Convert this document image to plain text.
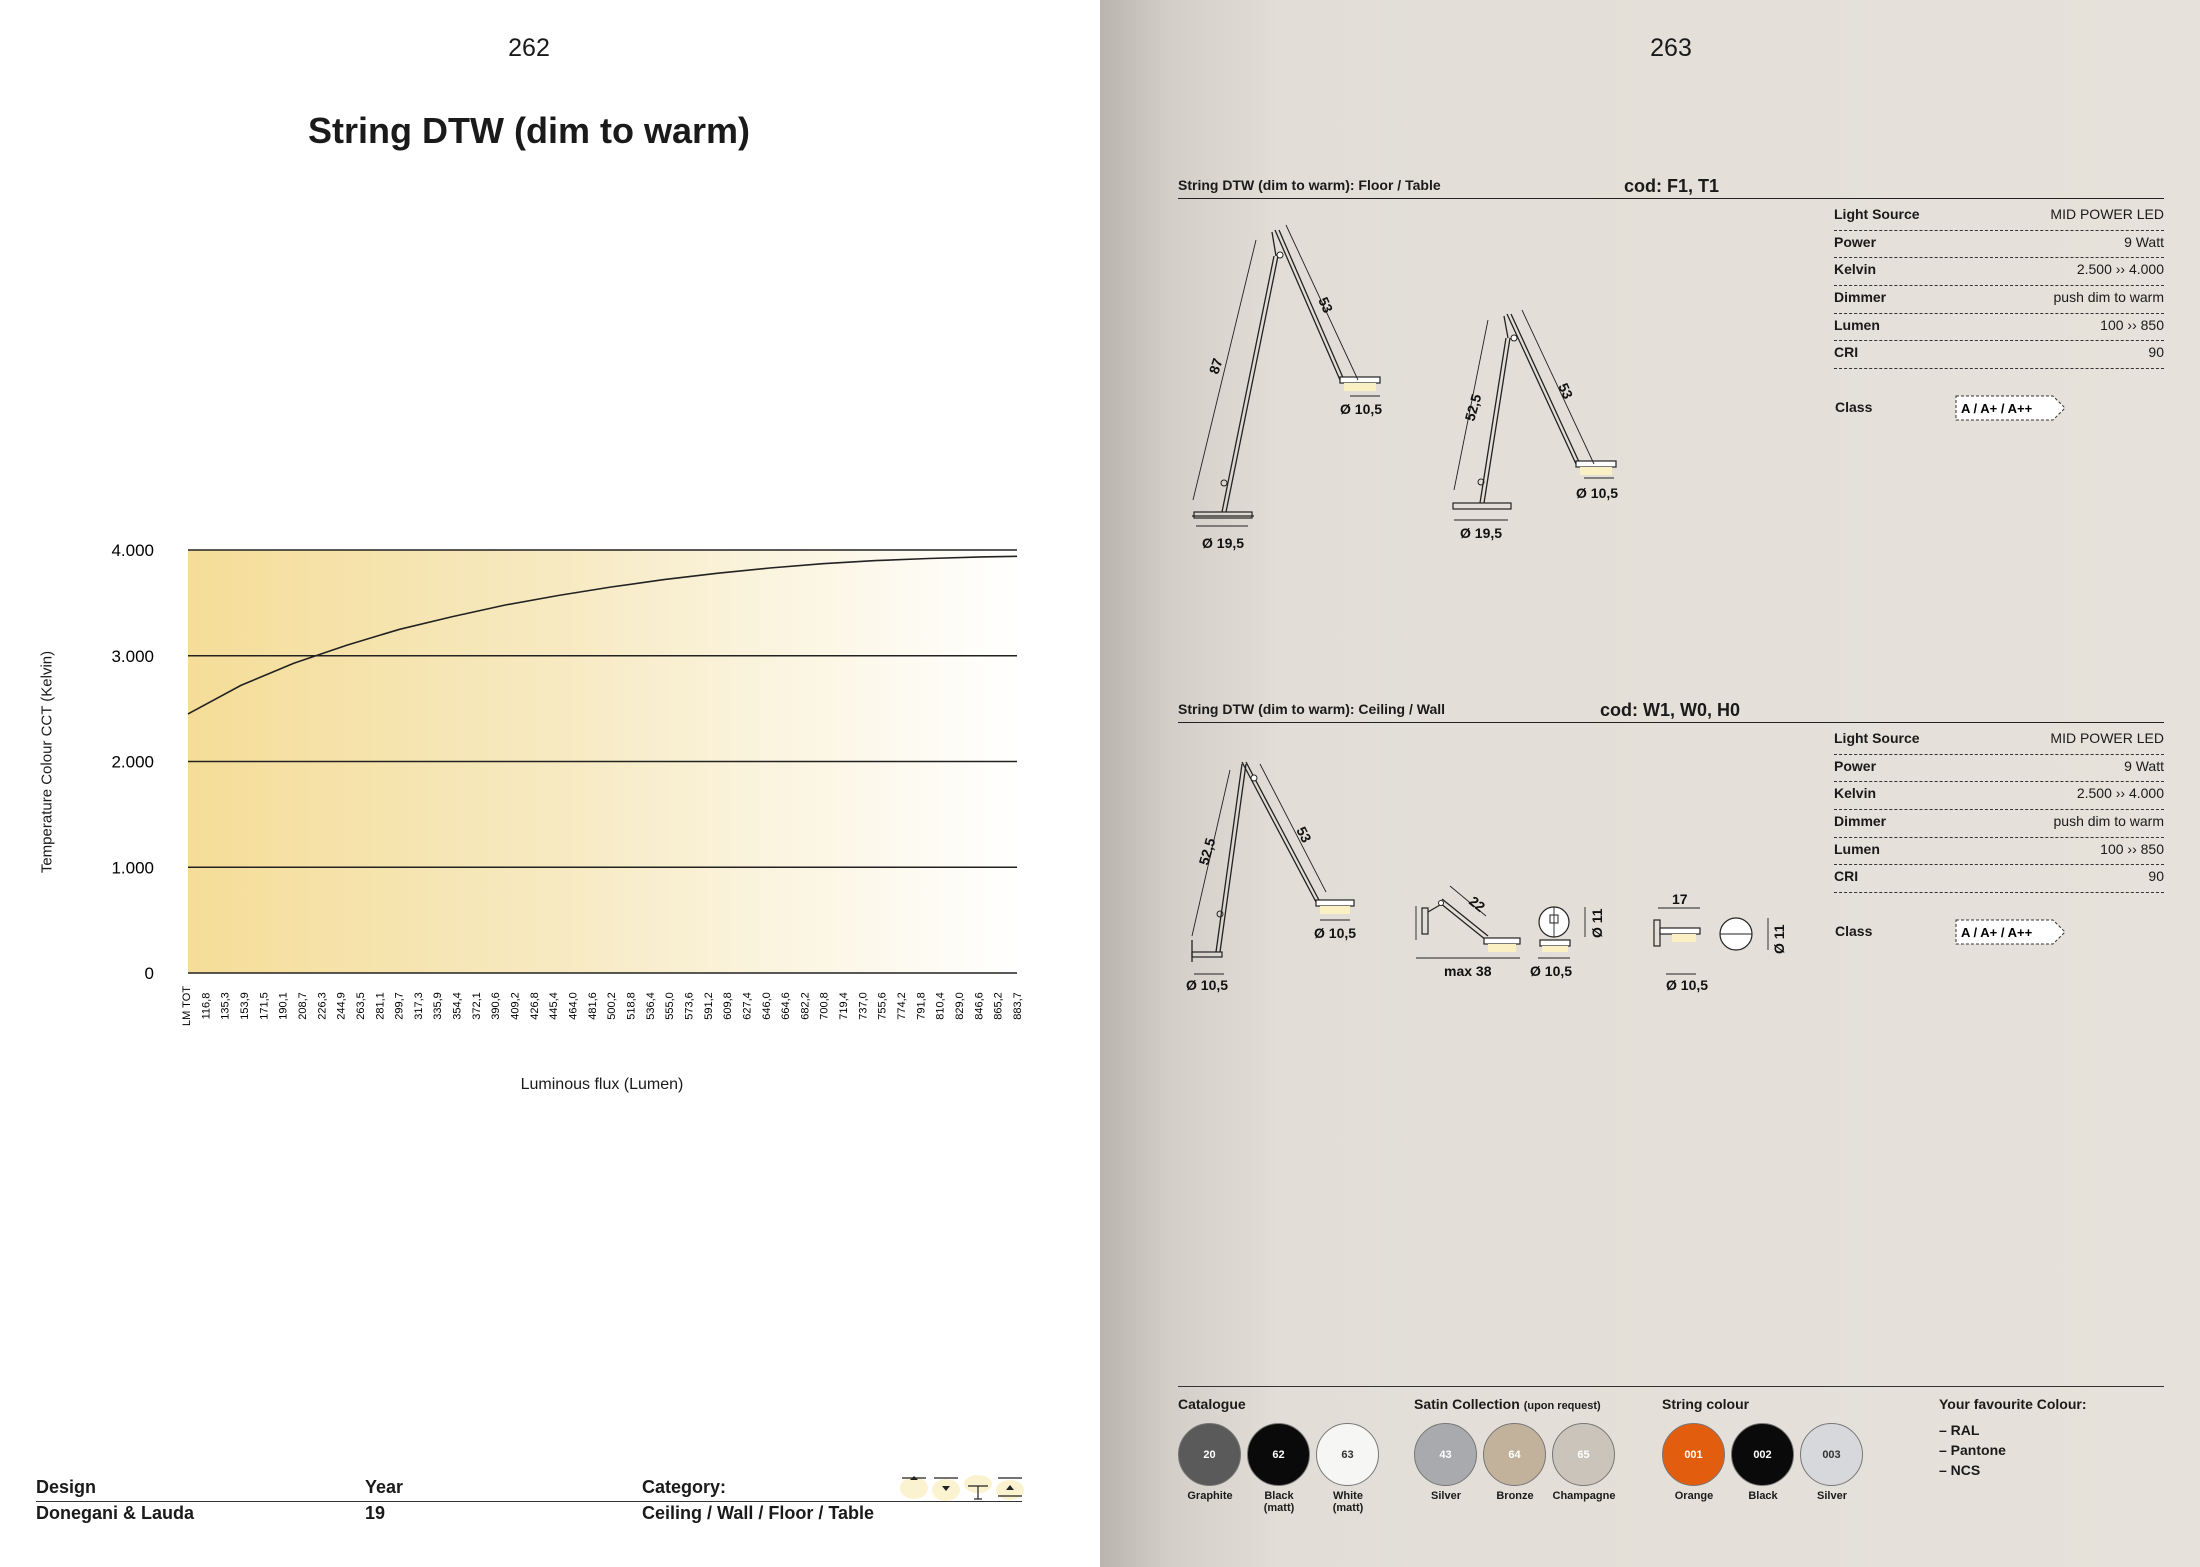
262
String DTW (dim to warm)
0
1.000
2.000
3.000
4.000
LM TOT 116,8 135,3 153,9 171,5 190,1 208,7 226,3 244,9 263,5 281,1 299,7 317,3 335,9 354,4 372,1 390,6 409,2 426,8 445,4 464,0 481,6 500,2 518,8 536,4 555,0 573,6 591,2 609,8 627,4 646,0 664,6 682,2 700,8 719,4 737,0 755,6 774,2 791,8 810,4 829,0 846,6 865,2 883,7
Temperature Colour CCT (Kelvin)
Luminous flux (Lumen)
Design
Donegani & Lauda
Year
19
Category:
Ceiling / Wall / Floor / Table
263
String DTW (dim to warm): Floor / Table	cod: F1, T1
Light Source	MID POWER LED
Power	9 Watt
Kelvin	2.500 ›› 4.000
Dimmer	push dim to warm
Lumen	100 ›› 850
CRI	90
Class	A / A+ / A++
87
53
Ø 10,5
Ø 19,5
52,5
53
Ø 10,5
Ø 19,5
String DTW (dim to warm): Ceiling / Wall	cod: W1, W0, H0
Light Source	MID POWER LED
Power	9 Watt
Kelvin	2.500 ›› 4.000
Dimmer	push dim to warm
Lumen	100 ›› 850
CRI	90
Class	A / A+ / A++
52,5
53
Ø 10,5
Ø 10,5
22
max 38	Ø 10,5
Ø 11
17
Ø 10,5
Ø 11
Catalogue	Satin Collection (upon request)	String colour	Your favourite Colour:
20
Graphite
62
Black
(matt)
63
White
(matt)
43
Silver
64
Bronze
65
Champagne
001
Orange
002
Black
003
Silver
– RAL
– Pantone
– NCS
